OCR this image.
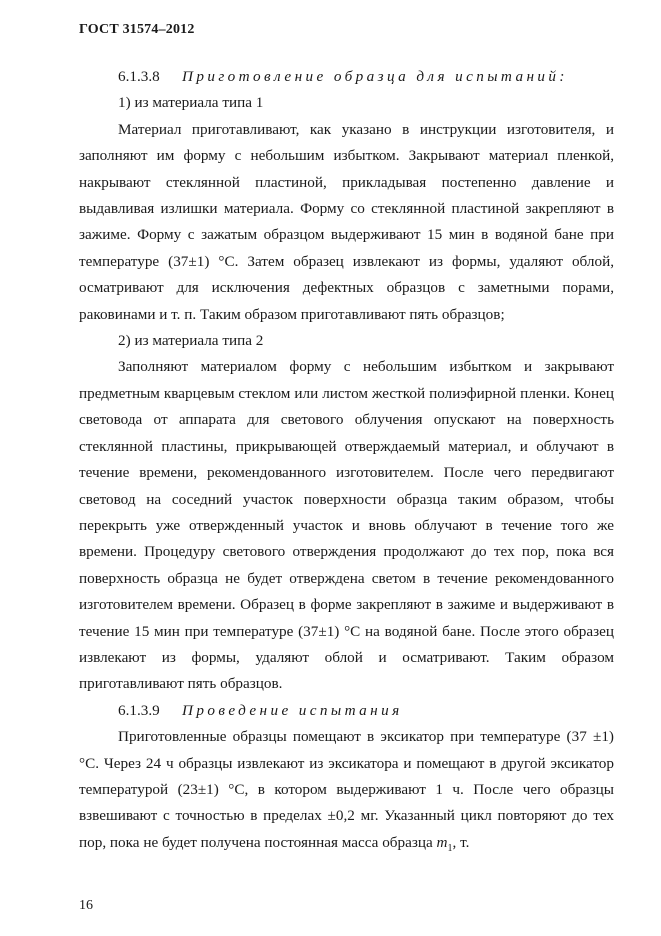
ГОСТ 31574–2012

6.1.3.8 Приготовление образца для испытаний:

1) из материала типа 1

Материал приготавливают, как указано в инструкции изготовителя, и заполняют им форму с небольшим избытком. Закрывают материал пленкой, накрывают стеклянной пластиной, прикладывая постепенно давление и выдавливая излишки материала. Форму со стеклянной пластиной закрепляют в зажиме. Форму с зажатым образцом выдерживают 15 мин в водяной бане при температуре (37±1) °С. Затем образец извлекают из формы, удаляют облой, осматривают для исключения дефектных образцов с заметными порами, раковинами и т. п. Таким образом приготавливают пять образцов;

2) из материала типа 2

Заполняют материалом форму с небольшим избытком и закрывают предметным кварцевым стеклом или листом жесткой полиэфирной пленки. Конец световода от аппарата для светового облучения опускают на поверхность стеклянной пластины, прикрывающей отверждаемый материал, и облучают в течение времени, рекомендованного изготовителем. После чего передвигают световод на соседний участок поверхности образца таким образом, чтобы перекрыть уже отвержденный участок и вновь облучают в течение того же времени. Процедуру светового отверждения продолжают до тех пор, пока вся поверхность образца не будет отверждена светом в течение рекомендованного изготовителем времени. Образец в форме закрепляют в зажиме и выдерживают в течение 15 мин при температуре (37±1) °С на водяной бане. После этого образец извлекают из формы, удаляют облой и осматривают. Таким образом приготавливают пять образцов.

6.1.3.9 Проведение испытания

Приготовленные образцы помещают в эксикатор при температуре (37 ±1) °С. Через 24 ч образцы извлекают из эксикатора и помещают в другой эксикатор температурой (23±1) °С, в котором выдерживают 1 ч. После чего образцы взвешивают с точностью в пределах ±0,2 мг. Указанный цикл повторяют до тех пор, пока не будет получена постоянная масса образца $m_1$, т.

16
